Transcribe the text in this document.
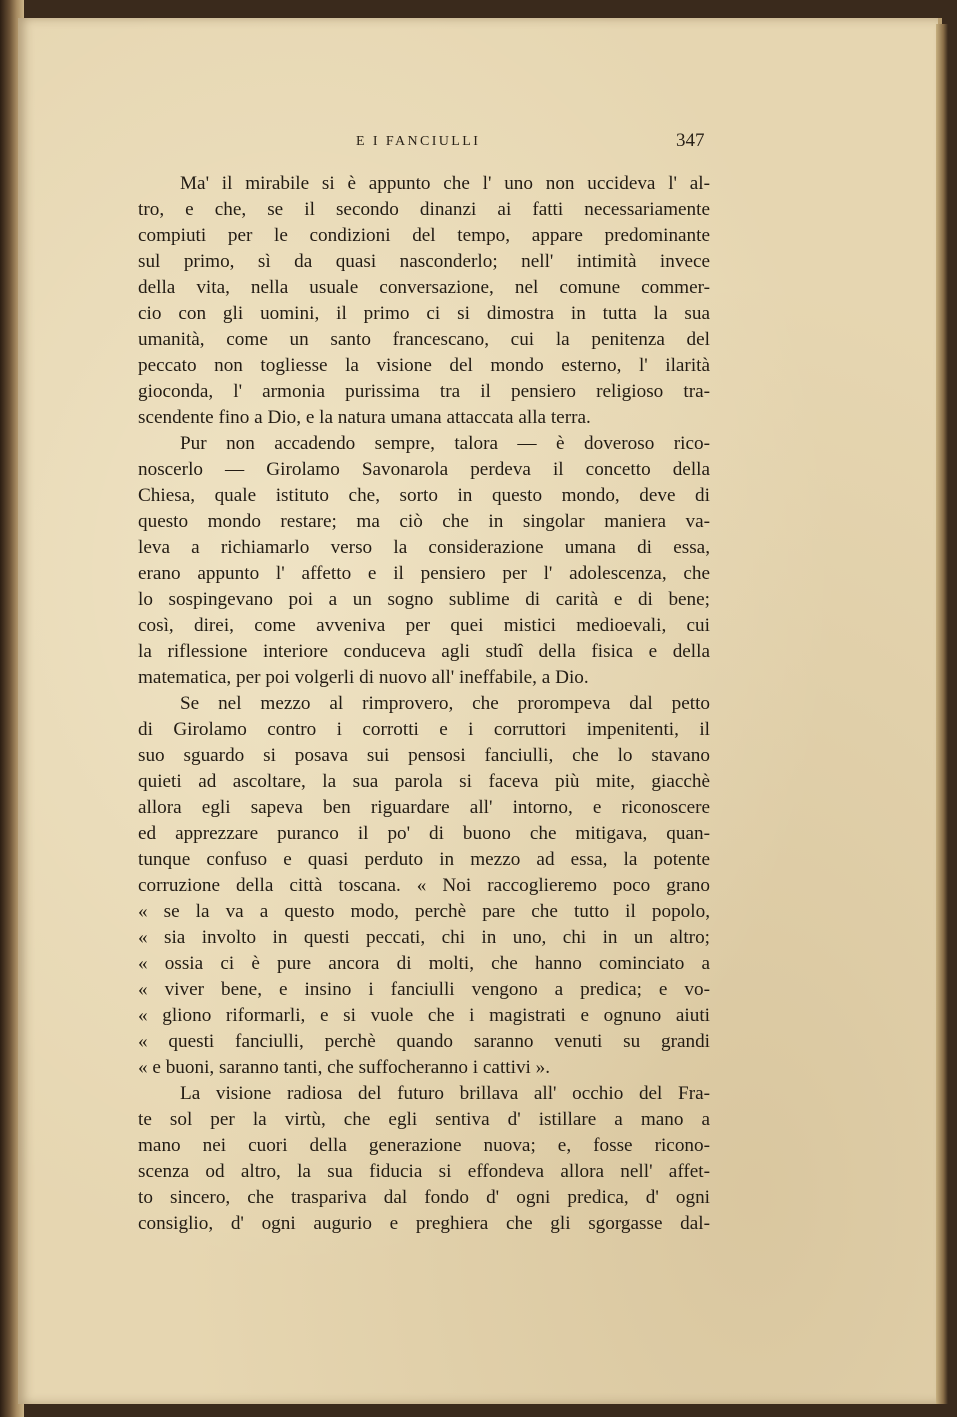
E I FANCIULLI	347
Ma' il mirabile si è appunto che l' uno non uccideva l' al-
tro, e che, se il secondo dinanzi ai fatti necessariamente
compiuti per le condizioni del tempo, appare predominante
sul primo, sì da quasi nasconderlo; nell' intimità invece
della vita, nella usuale conversazione, nel comune commer-
cio con gli uomini, il primo ci si dimostra in tutta la sua
umanità, come un santo francescano, cui la penitenza del
peccato non togliesse la visione del mondo esterno, l' ilarità
gioconda, l' armonia purissima tra il pensiero religioso tra-
scendente fino a Dio, e la natura umana attaccata alla terra.
Pur non accadendo sempre, talora — è doveroso rico-
noscerlo — Girolamo Savonarola perdeva il concetto della
Chiesa, quale istituto che, sorto in questo mondo, deve di
questo mondo restare; ma ciò che in singolar maniera va-
leva a richiamarlo verso la considerazione umana di essa,
erano appunto l' affetto e il pensiero per l' adolescenza, che
lo sospingevano poi a un sogno sublime di carità e di bene;
così, direi, come avveniva per quei mistici medioevali, cui
la riflessione interiore conduceva agli studî della fisica e della
matematica, per poi volgerli di nuovo all' ineffabile, a Dio.
Se nel mezzo al rimprovero, che prorompeva dal petto
di Girolamo contro i corrotti e i corruttori impenitenti, il
suo sguardo si posava sui pensosi fanciulli, che lo stavano
quieti ad ascoltare, la sua parola si faceva più mite, giacchè
allora egli sapeva ben riguardare all' intorno, e riconoscere
ed apprezzare puranco il po' di buono che mitigava, quan-
tunque confuso e quasi perduto in mezzo ad essa, la potente
corruzione della città toscana. « Noi raccoglieremo poco grano
« se la va a questo modo, perchè pare che tutto il popolo,
« sia involto in questi peccati, chi in uno, chi in un altro;
« ossia ci è pure ancora di molti, che hanno cominciato a
« viver bene, e insino i fanciulli vengono a predica; e vo-
« gliono riformarli, e si vuole che i magistrati e ognuno aiuti
« questi fanciulli, perchè quando saranno venuti su grandi
« e buoni, saranno tanti, che suffocheranno i cattivi ».
La visione radiosa del futuro brillava all' occhio del Fra-
te sol per la virtù, che egli sentiva d' istillare a mano a
mano nei cuori della generazione nuova; e, fosse ricono-
scenza od altro, la sua fiducia si effondeva allora nell' affet-
to sincero, che traspariva dal fondo d' ogni predica, d' ogni
consiglio, d' ogni augurio e preghiera che gli sgorgasse dal-
